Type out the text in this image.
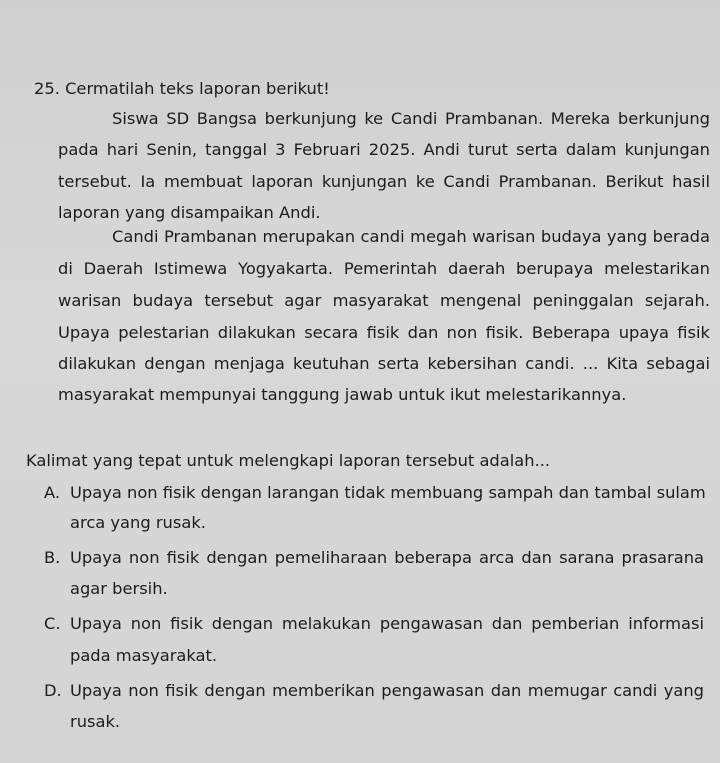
25. Cermatilah teks laporan berikut!
Siswa SD Bangsa berkunjung ke Candi Prambanan. Mereka berkunjung
pada hari Senin, tanggal 3 Februari 2025. Andi turut serta dalam kunjungan
tersebut. Ia membuat laporan kunjungan ke Candi Prambanan. Berikut hasil
laporan yang disampaikan Andi.
Candi Prambanan merupakan candi megah warisan budaya yang berada
di Daerah Istimewa Yogyakarta. Pemerintah daerah berupaya melestarikan
warisan budaya tersebut agar masyarakat mengenal peninggalan sejarah.
Upaya pelestarian dilakukan secara fisik dan non fisik. Beberapa upaya fisik
dilakukan dengan menjaga keutuhan serta kebersihan candi. ... Kita sebagai
masyarakat mempunyai tanggung jawab untuk ikut melestarikannya.
Kalimat yang tepat untuk melengkapi laporan tersebut adalah...
A. Upaya non fisik dengan larangan tidak membuang sampah dan tambal sulam
arca yang rusak.
B. Upaya non fisik dengan pemeliharaan beberapa arca dan sarana prasarana
agar bersih.
C. Upaya non fisik dengan melakukan pengawasan dan pemberian informasi
pada masyarakat.
D. Upaya non fisik dengan memberikan pengawasan dan memugar candi yang
rusak.
